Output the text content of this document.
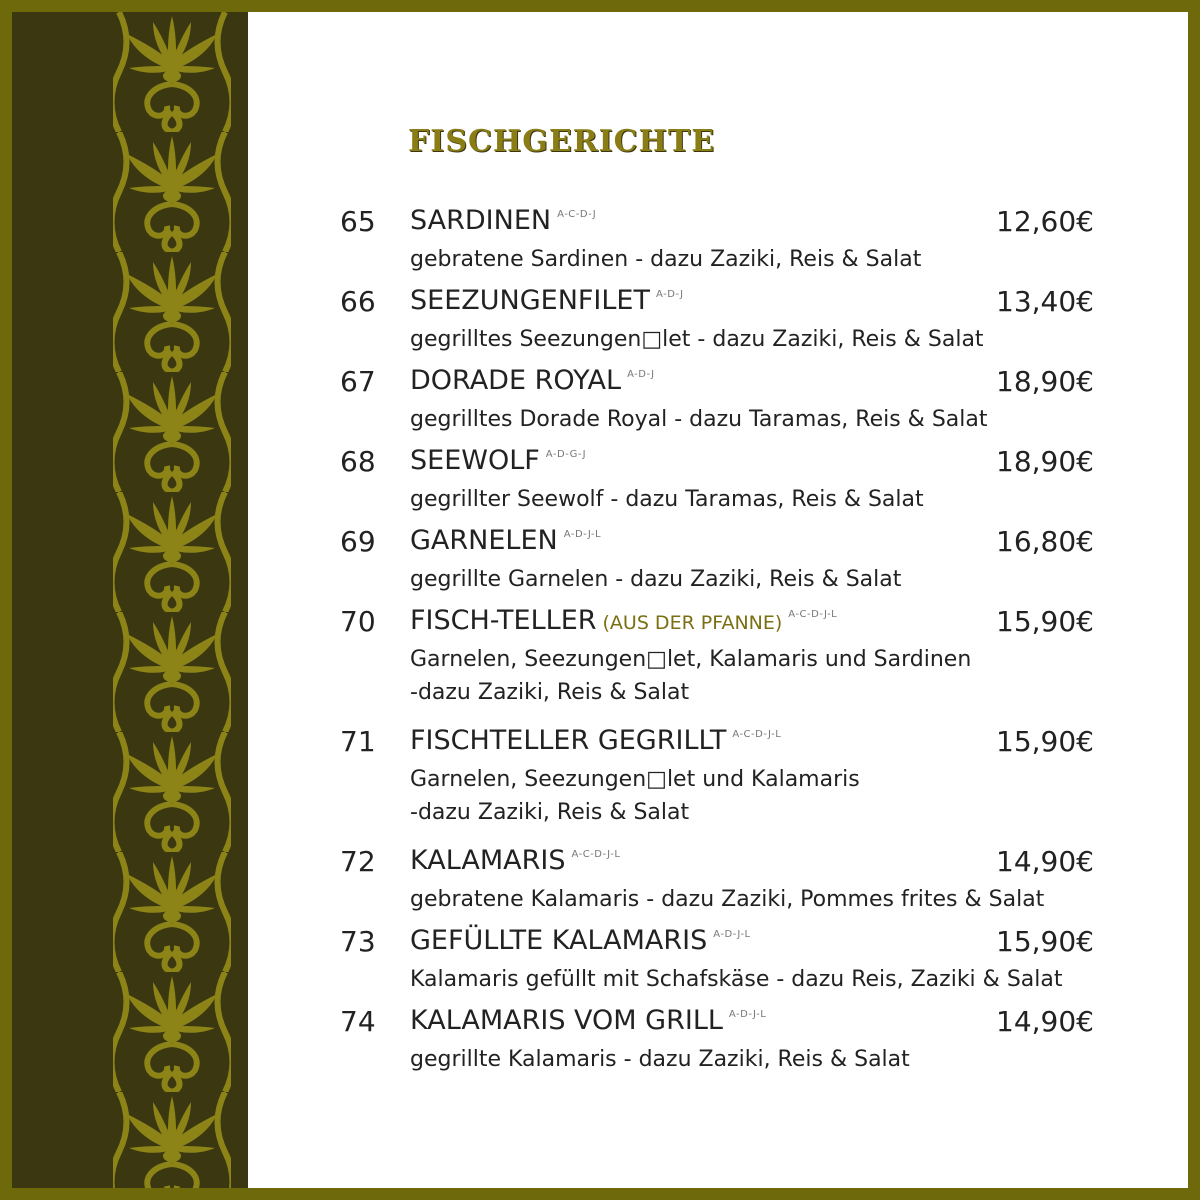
FISCHGERICHTE
65 SARDINEN $^{A-C-D-J}$	12,60€
gebratene Sardinen - dazu Zaziki, Reis & Salat
66 SEEZUNGENFILET $^{A-D-J}$	13,40€
gegrilltes Seezungen□let - dazu Zaziki, Reis & Salat
67 DORADE ROYAL $^{A-D-J}$	18,90€
gegrilltes Dorade Royal - dazu Taramas, Reis & Salat
68 SEEWOLF $^{A-D-G-J}$	18,90€
gegrillter Seewolf - dazu Taramas, Reis & Salat
69 GARNELEN $^{A-D-J-L}$	16,80€
gegrillte Garnelen - dazu Zaziki, Reis & Salat
70 FISCH-TELLER (AUS DER PFANNE) $^{A-C-D-J-L}$	15,90€
Garnelen, Seezungen□let, Kalamaris und Sardinen
-dazu Zaziki, Reis & Salat
71 FISCHTELLER GEGRILLT $^{A-C-D-J-L}$	15,90€
Garnelen, Seezungen□let und Kalamaris
-dazu Zaziki, Reis & Salat
72 KALAMARIS $^{A-C-D-J-L}$	14,90€
gebratene Kalamaris - dazu Zaziki, Pommes frites & Salat
73 GEFÜLLTE KALAMARIS $^{A-D-J-L}$	15,90€
Kalamaris gefüllt mit Schafskäse - dazu Reis, Zaziki & Salat
74 KALAMARIS VOM GRILL $^{A-D-J-L}$	14,90€
gegrillte Kalamaris - dazu Zaziki, Reis & Salat
